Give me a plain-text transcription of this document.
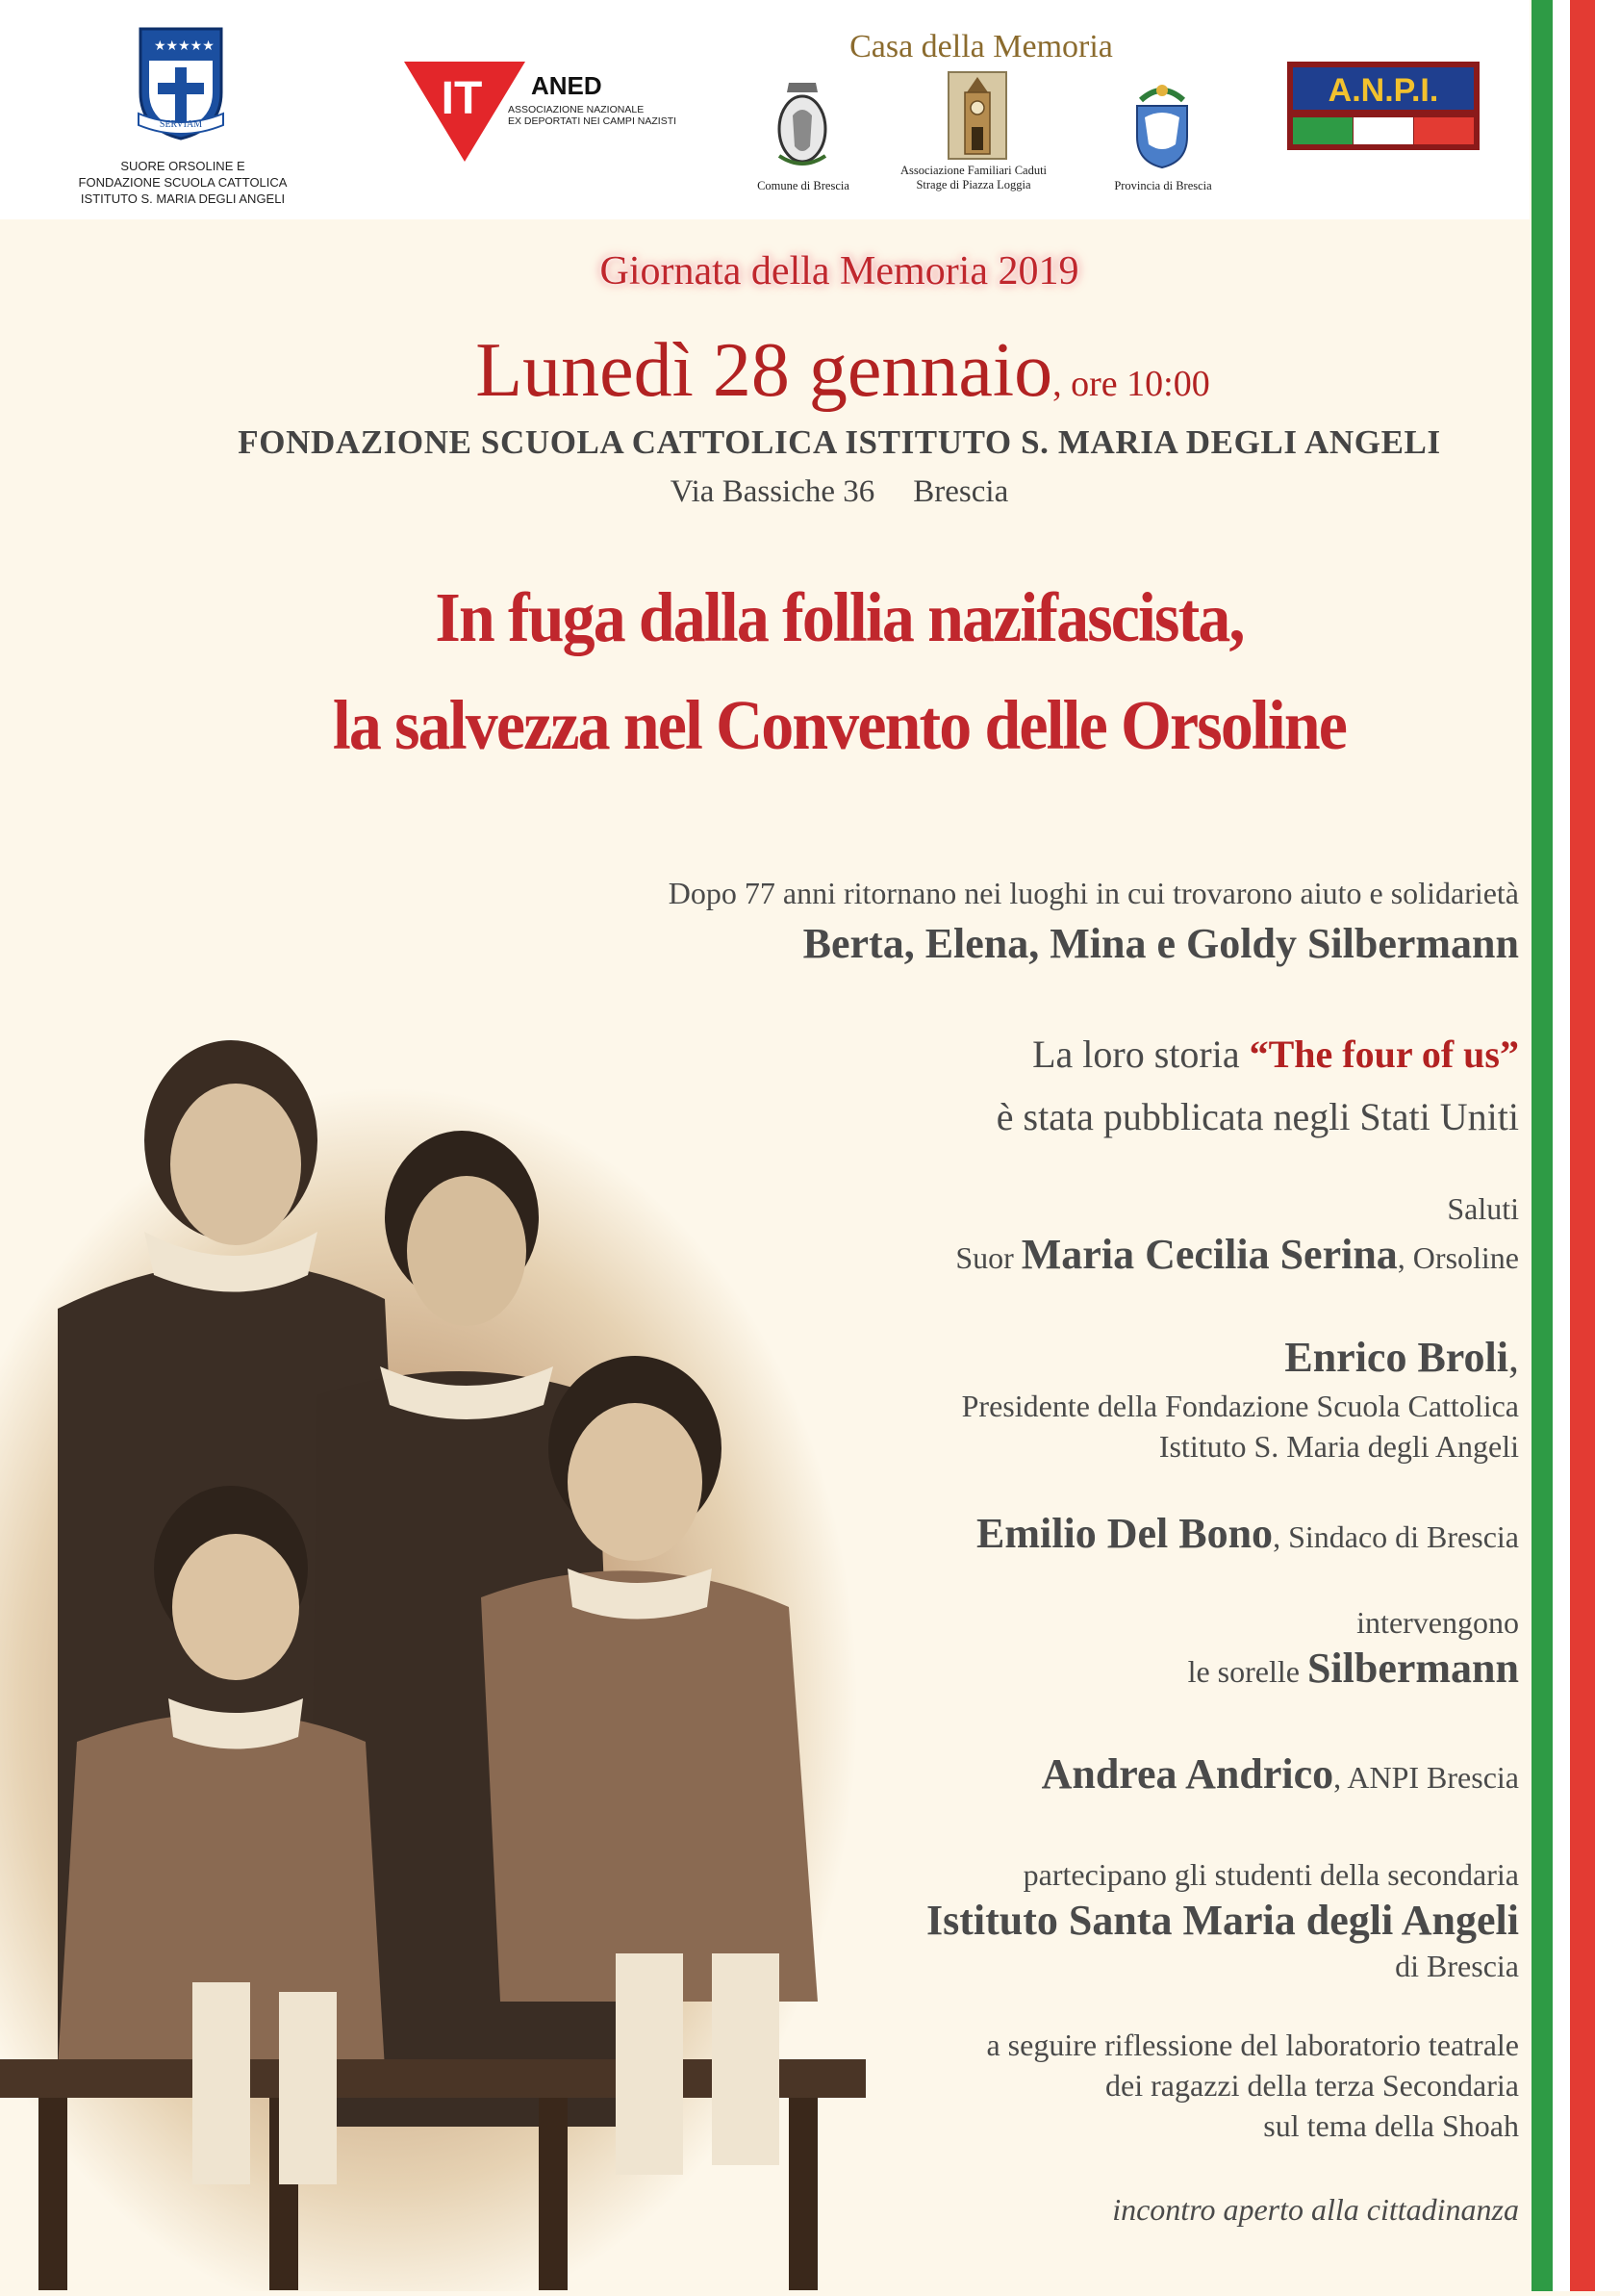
★★★★★
SERVIAM
SUORE ORSOLINE E
FONDAZIONE SCUOLA CATTOLICA
ISTITUTO S. MARIA DEGLI ANGELI
IT ANED
ASSOCIAZIONE NAZIONALE
EX DEPORTATI NEI CAMPI NAZISTI
Casa della Memoria
Comune di Brescia
Associazione Familiari Caduti
Strage di Piazza Loggia	Provincia di Brescia
A.N.P.I.
Giornata della Memoria 2019
Lunedì 28 gennaio, ore 10:00
FONDAZIONE SCUOLA CATTOLICA ISTITUTO S. MARIA DEGLI ANGELI
Via Bassiche 36 Brescia
In fuga dalla follia nazifascista,
la salvezza nel Convento delle Orsoline
Dopo 77 anni ritornano nei luoghi in cui trovarono aiuto e solidarietà
Berta, Elena, Mina e Goldy Silbermann
La loro storia “The four of us”
è stata pubblicata negli Stati Uniti
Saluti
Suor Maria Cecilia Serina, Orsoline
Enrico Broli,
Presidente della Fondazione Scuola Cattolica
Istituto S. Maria degli Angeli
Emilio Del Bono, Sindaco di Brescia
intervengono
le sorelle Silbermann
Andrea Andrico, ANPI Brescia
partecipano gli studenti della secondaria
Istituto Santa Maria degli Angeli
di Brescia
a seguire riflessione del laboratorio teatrale
dei ragazzi della terza Secondaria
sul tema della Shoah
incontro aperto alla cittadinanza
